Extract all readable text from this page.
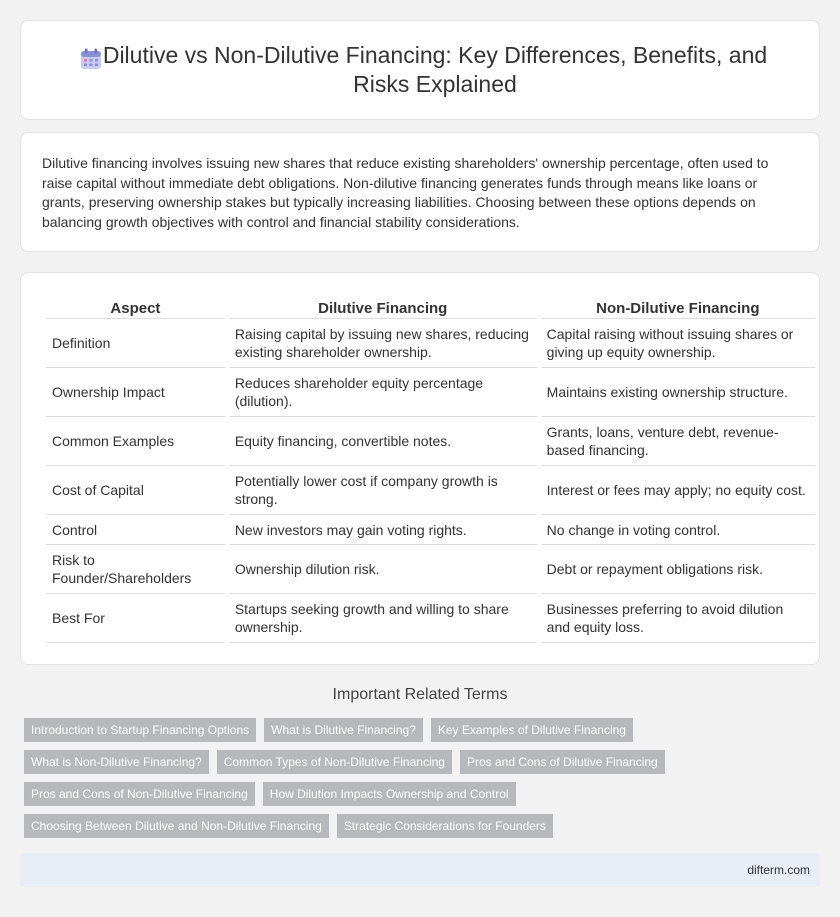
Dilutive vs Non-Dilutive Financing: Key Differences, Benefits, and Risks Explained

Dilutive financing involves issuing new shares that reduce existing shareholders' ownership percentage, often used to raise capital without immediate debt obligations. Non-dilutive financing generates funds through means like loans or grants, preserving ownership stakes but typically increasing liabilities. Choosing between these options depends on balancing growth objectives with control and financial stability considerations.

Aspect	Dilutive Financing	Non-Dilutive Financing
Definition	Raising capital by issuing new shares, reducing existing shareholder ownership.	Capital raising without issuing shares or giving up equity ownership.
Ownership Impact	Reduces shareholder equity percentage (dilution).	Maintains existing ownership structure.
Common Examples	Equity financing, convertible notes.	Grants, loans, venture debt, revenue-based financing.
Cost of Capital	Potentially lower cost if company growth is strong.	Interest or fees may apply; no equity cost.
Control	New investors may gain voting rights.	No change in voting control.
Risk to Founder/Shareholders	Ownership dilution risk.	Debt or repayment obligations risk.
Best For	Startups seeking growth and willing to share ownership.	Businesses preferring to avoid dilution and equity loss.
Important Related Terms
Introduction to Startup Financing Options	What is Dilutive Financing?	Key Examples of Dilutive Financing
What is Non-Dilutive Financing?	Common Types of Non-Dilutive Financing	Pros and Cons of Dilutive Financing
Pros and Cons of Non-Dilutive Financing	How Dilution Impacts Ownership and Control
Choosing Between Dilutive and Non-Dilutive Financing	Strategic Considerations for Founders
difterm.com
